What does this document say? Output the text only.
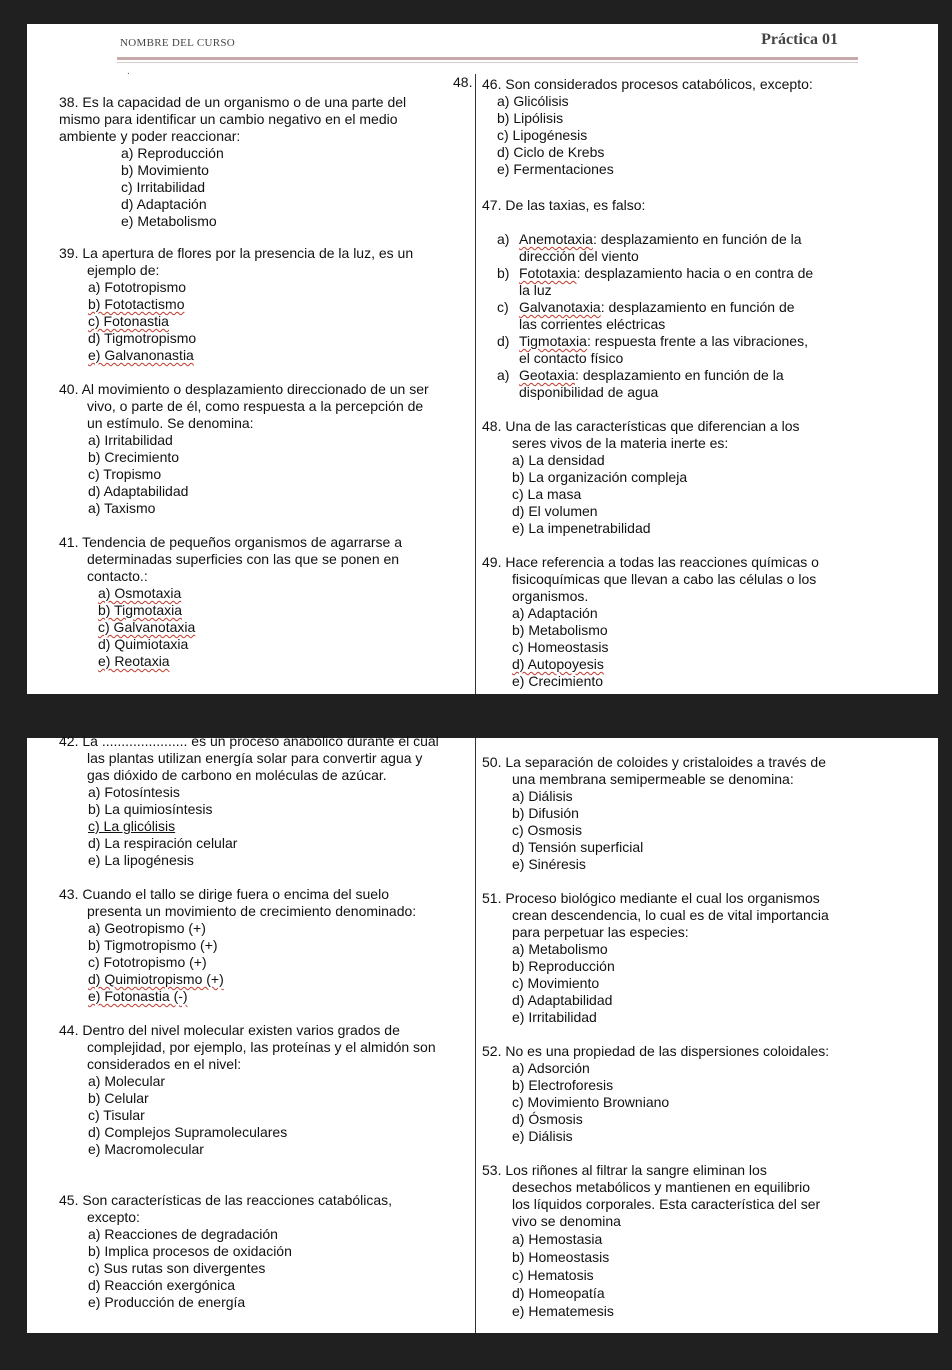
NOMBRE DEL CURSO	Práctica 01
.
48.
38. Es la capacidad de un organismo o de una parte del

mismo para identificar un cambio negativo en el medio
ambiente y poder reaccionar:
a) Reproducción
b) Movimiento
c) Irritabilidad
d) Adaptación
e) Metabolismo
39. La apertura de flores por la presencia de la luz, es un
ejemplo de:
a) Fototropismo
b) Fototactismo
c) Fotonastia
d) Tigmotropismo
e) Galvanonastia
40. Al movimiento o desplazamiento direccionado de un ser
vivo, o parte de él, como respuesta a la percepción de
un estímulo. Se denomina:
a) Irritabilidad
b) Crecimiento
c) Tropismo
d) Adaptabilidad
a) Taxismo
41. Tendencia de pequeños organismos de agarrarse a
determinadas superficies con las que se ponen en
contacto.:
a) Osmotaxia
b) Tigmotaxia
c) Galvanotaxia
d) Quimiotaxia
e) Reotaxia
46. Son considerados procesos catabólicos, excepto:
a) Glicólisis
b) Lipólisis
c) Lipogénesis
d) Ciclo de Krebs
e) Fermentaciones
47. De las taxias, es falso:
a) Anemotaxia: desplazamiento en función de la
dirección del viento
b) Fototaxia: desplazamiento hacia o en contra de
la luz
c) Galvanotaxia: desplazamiento en función de
las corrientes eléctricas
d) Tigmotaxia: respuesta frente a las vibraciones,
el contacto físico
a) Geotaxia: desplazamiento en función de la
disponibilidad de agua
48. Una de las características que diferencian a los
seres vivos de la materia inerte es:
a) La densidad
b) La organización compleja
c) La masa
d) El volumen
e) La impenetrabilidad
49. Hace referencia a todas las reacciones químicas o
fisicoquímicas que llevan a cabo las células o los
organismos.
a) Adaptación
b) Metabolismo
c) Homeostasis
d) Autopoyesis
e) Crecimiento
42. La ...................... es un proceso anabólico durante el cual
las plantas utilizan energía solar para convertir agua y
gas dióxido de carbono en moléculas de azúcar.
a) Fotosíntesis
b) La quimiosíntesis
c) La glicólisis
d) La respiración celular
e) La lipogénesis
43. Cuando el tallo se dirige fuera o encima del suelo
presenta un movimiento de crecimiento denominado:
a) Geotropismo (+)
b) Tigmotropismo (+)
c) Fototropismo (+)
d) Quimiotropismo (+)
e) Fotonastia (-)
44. Dentro del nivel molecular existen varios grados de
complejidad, por ejemplo, las proteínas y el almidón son
considerados en el nivel:
a) Molecular
b) Celular
c) Tisular
d) Complejos Supramoleculares
e) Macromolecular
45. Son características de las reacciones catabólicas,
excepto:
a) Reacciones de degradación
b) Implica procesos de oxidación
c) Sus rutas son divergentes
d) Reacción exergónica
e) Producción de energía
50. La separación de coloides y cristaloides a través de
una membrana semipermeable se denomina:
a) Diálisis
b) Difusión
c) Osmosis
d) Tensión superficial
e) Sinéresis
51. Proceso biológico mediante el cual los organismos
crean descendencia, lo cual es de vital importancia
para perpetuar las especies:
a) Metabolismo
b) Reproducción
c) Movimiento
d) Adaptabilidad
e) Irritabilidad
52. No es una propiedad de las dispersiones coloidales:
a) Adsorción
b) Electroforesis
c) Movimiento Browniano
d) Ósmosis
e) Diálisis
53. Los riñones al filtrar la sangre eliminan los
desechos metabólicos y mantienen en equilibrio
los líquidos corporales. Esta característica del ser
vivo se denomina
a) Hemostasia
b) Homeostasis
c) Hematosis
d) Homeopatía
e) Hematemesis
